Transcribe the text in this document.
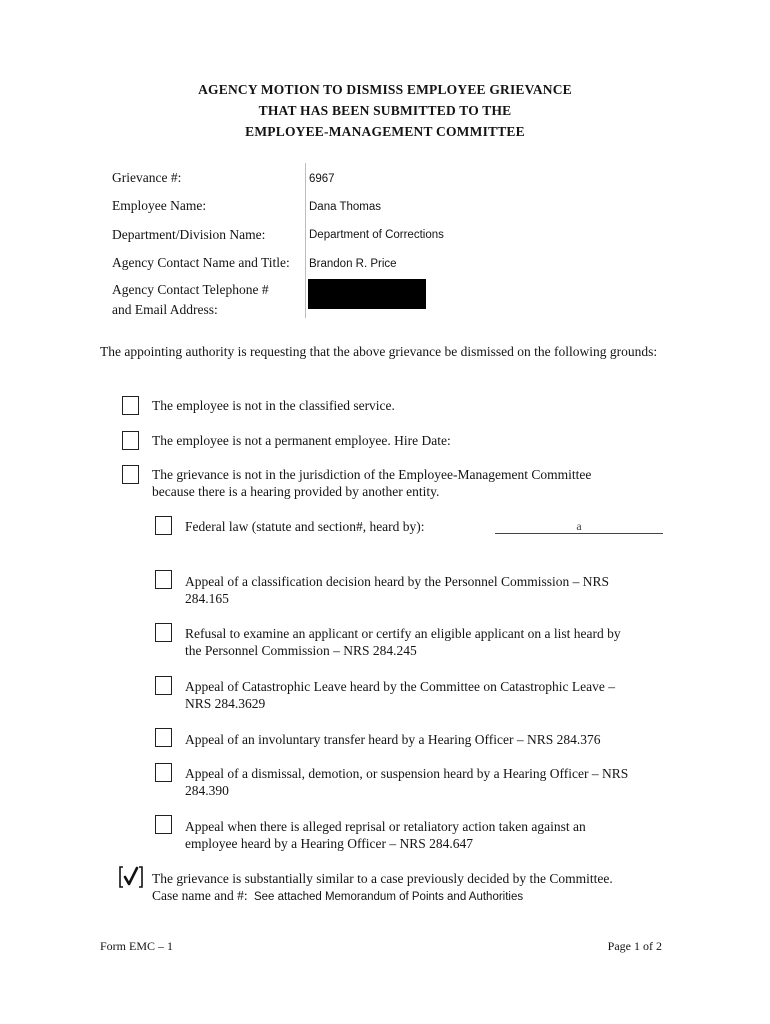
AGENCY MOTION TO DISMISS EMPLOYEE GRIEVANCE
THAT HAS BEEN SUBMITTED TO THE
EMPLOYEE-MANAGEMENT COMMITTEE
Grievance #:	6967
Employee Name:	Dana Thomas
Department/Division Name:	Department of Corrections
Agency Contact Name and Title: Brandon R. Price
Agency Contact Telephone #
and Email Address:
The appointing authority is requesting that the above grievance be dismissed on the following grounds:
The employee is not in the classified service.
The employee is not a permanent employee. Hire Date:
The grievance is not in the jurisdiction of the Employee-Management Committee
because there is a hearing provided by another entity.
Federal law (statute and section#, heard by):	a
Appeal of a classification decision heard by the Personnel Commission – NRS
284.165
Refusal to examine an applicant or certify an eligible applicant on a list heard by
the Personnel Commission – NRS 284.245
Appeal of Catastrophic Leave heard by the Committee on Catastrophic Leave –
NRS 284.3629
Appeal of an involuntary transfer heard by a Hearing Officer – NRS 284.376
Appeal of a dismissal, demotion, or suspension heard by a Hearing Officer – NRS
284.390
Appeal when there is alleged reprisal or retaliatory action taken against an
employee heard by a Hearing Officer – NRS 284.647
The grievance is substantially similar to a case previously decided by the Committee.
Case name and #: See attached Memorandum of Points and Authorities
Form EMC – 1	Page 1 of 2
